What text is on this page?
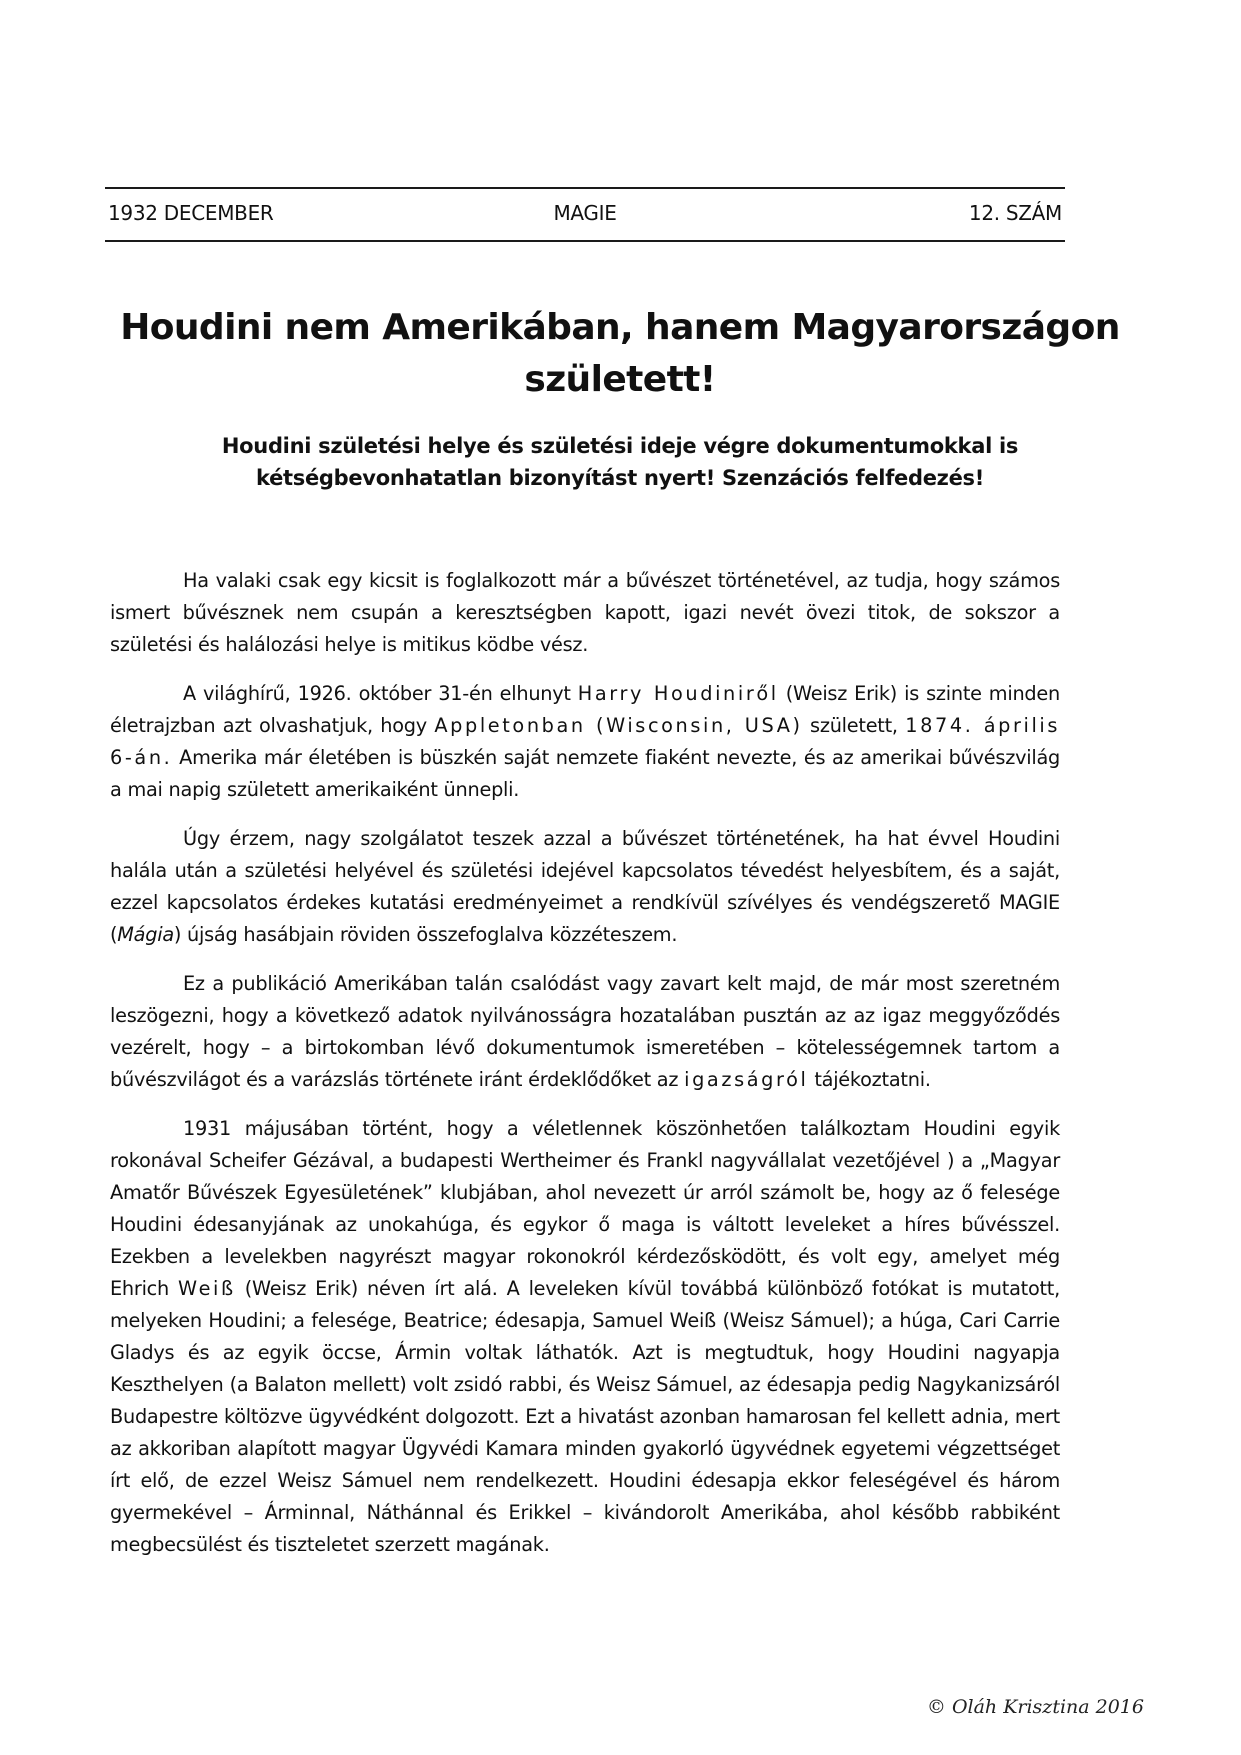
1932 DECEMBER	MAGIE	12. SZÁM
Houdini nem Amerikában, hanem Magyarországon született!
Houdini születési helye és születési ideje végre dokumentumokkal is kétségbevonhatatlan bizonyítást nyert! Szenzációs felfedezés!

Ha valaki csak egy kicsit is foglalkozott már a bűvészet történetével, az tudja, hogy számos ismert bűvésznek nem csupán a keresztségben kapott, igazi nevét övezi titok, de sokszor a születési és halálozási helye is mitikus ködbe vész.

A világhírű, 1926. október 31-én elhunyt Harry Houdiniről (Weisz Erik) is szinte minden életrajzban azt olvashatjuk, hogy Appletonban (Wisconsin, USA) született, 1874. április 6-án. Amerika már életében is büszkén saját nemzete fiaként nevezte, és az amerikai bűvészvilág a mai napig született amerikaiként ünnepli.

Úgy érzem, nagy szolgálatot teszek azzal a bűvészet történetének, ha hat évvel Houdini halála után a születési helyével és születési idejével kapcsolatos tévedést helyesbítem, és a saját, ezzel kapcsolatos érdekes kutatási eredményeimet a rendkívül szívélyes és vendégszerető MAGIE (Mágia) újság hasábjain röviden összefoglalva közzéteszem.

Ez a publikáció Amerikában talán csalódást vagy zavart kelt majd, de már most szeretném leszögezni, hogy a következő adatok nyilvánosságra hozatalában pusztán az az igaz meggyőződés vezérelt, hogy – a birtokomban lévő dokumentumok ismeretében – kötelességemnek tartom a bűvészvilágot és a varázslás története iránt érdeklődőket az igazságról tájékoztatni.

1931 májusában történt, hogy a véletlennek köszönhetően találkoztam Houdini egyik rokonával Scheifer Gézával, a budapesti Wertheimer és Frankl nagyvállalat vezetőjével ) a „Magyar Amatőr Bűvészek Egyesületének” klubjában, ahol nevezett úr arról számolt be, hogy az ő felesége Houdini édesanyjának az unokahúga, és egykor ő maga is váltott leveleket a híres bűvésszel. Ezekben a levelekben nagyrészt magyar rokonokról kérdezősködött, és volt egy, amelyet még Ehrich Weiß (Weisz Erik) néven írt alá. A leveleken kívül továbbá különböző fotókat is mutatott, melyeken Houdini; a felesége, Beatrice; édesapja, Samuel Weiß (Weisz Sámuel); a húga, Cari Carrie Gladys és az egyik öccse, Ármin voltak láthatók. Azt is megtudtuk, hogy Houdini nagyapja Keszthelyen (a Balaton mellett) volt zsidó rabbi, és Weisz Sámuel, az édesapja pedig Nagykanizsáról Budapestre költözve ügyvédként dolgozott. Ezt a hivatást azonban hamarosan fel kellett adnia, mert az akkoriban alapított magyar Ügyvédi Kamara minden gyakorló ügyvédnek egyetemi végzettséget írt elő, de ezzel Weisz Sámuel nem rendelkezett. Houdini édesapja ekkor feleségével és három gyermekével – Árminnal, Náthánnal és Erikkel – kivándorolt Amerikába, ahol később rabbiként megbecsülést és tiszteletet szerzett magának.

© Oláh Krisztina 2016
